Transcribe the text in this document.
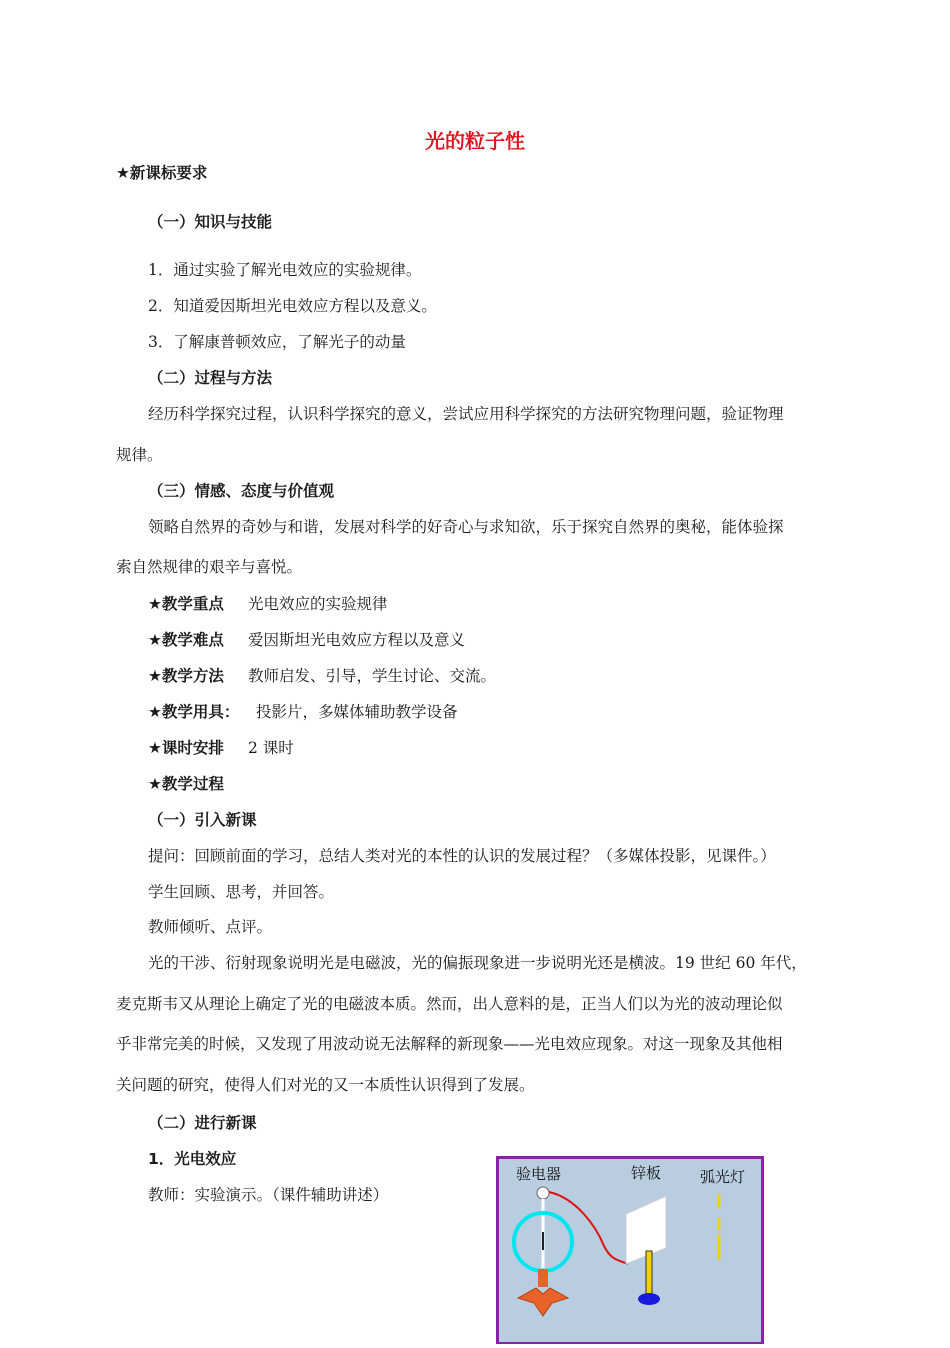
光的粒子性
★新课标要求
（一）知识与技能
1．通过实验了解光电效应的实验规律。
2．知道爱因斯坦光电效应方程以及意义。
3．了解康普顿效应，了解光子的动量
（二）过程与方法
经历科学探究过程，认识科学探究的意义，尝试应用科学探究的方法研究物理问题，验证物理
规律。
（三）情感、态度与价值观
领略自然界的奇妙与和谐，发展对科学的好奇心与求知欲，乐于探究自然界的奥秘，能体验探
索自然规律的艰辛与喜悦。
★教学重点 光电效应的实验规律
★教学难点 爱因斯坦光电效应方程以及意义
★教学方法 教师启发、引导，学生讨论、交流。
★教学用具： 投影片，多媒体辅助教学设备
★课时安排 2 课时
★教学过程
（一）引入新课
提问：回顾前面的学习，总结人类对光的本性的认识的发展过程？（多媒体投影，见课件。）
学生回顾、思考，并回答。
教师倾听、点评。
光的干涉、衍射现象说明光是电磁波，光的偏振现象进一步说明光还是横波。19 世纪 60 年代，
麦克斯韦又从理论上确定了光的电磁波本质。然而，出人意料的是，正当人们以为光的波动理论似
乎非常完美的时候，又发现了用波动说无法解释的新现象——光电效应现象。对这一现象及其他相
关问题的研究，使得人们对光的又一本质性认识得到了发展。
（二）进行新课
1．光电效应
教师：实验演示。（课件辅助讲述）
验电器	锌板	弧光灯
